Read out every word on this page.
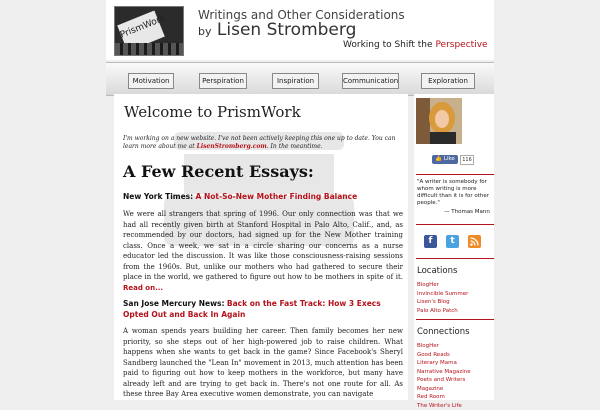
PrismWork	Writings and Other Considerations
by Lisen Stromberg
Working to Shift the Perspective
Motivation	Perspiration	Inspiration	Communication	Exploration
Welcome to PrismWork
I'm working on a new website. I've not been actively keeping this one up to date. You can learn more about me at LisenStromberg.com. In the meantime.
A Few Recent Essays:
New York Times: A Not-So-New Mother Finding Balance

We were all strangers that spring of 1996. Our only connection was that we had all recently given birth at Stanford Hospital in Palo Alto, Calif., and, as recommended by our doctors, had signed up for the New Mother training class. Once a week, we sat in a circle sharing our concerns as a nurse educator led the discussion. It was like those consciousness-raising sessions from the 1960s. But, unlike our mothers who had gathered to secure their place in the world, we gathered to figure out how to be mothers in spite of it. Read on...

San Jose Mercury News: Back on the Fast Track: How 3 Execs Opted Out and Back In Again

A woman spends years building her career. Then family becomes her new priority, so she steps out of her high-powered job to raise children. What happens when she wants to get back in the game? Since Facebook's Sheryl Sandberg launched the "Lean In" movement in 2013, much attention has been paid to figuring out how to keep mothers in the workforce, but many have already left and are trying to get back in. There's not one route for all. As these three Bay Area executive women demonstrate, you can navigate

👍 Like	116
"A writer is somebody for whom writing is more difficult than it is for other people."
— Thomas Mann
f	t
Locations
BlogHer
Invincible Summer
Lisen's Blog
Palo Alto Patch
Connections
BlogHer
Good Reads
Literary Mama
Narrative Magazine
Poets and Writers
Magazine
Red Room
The Writer's Life
